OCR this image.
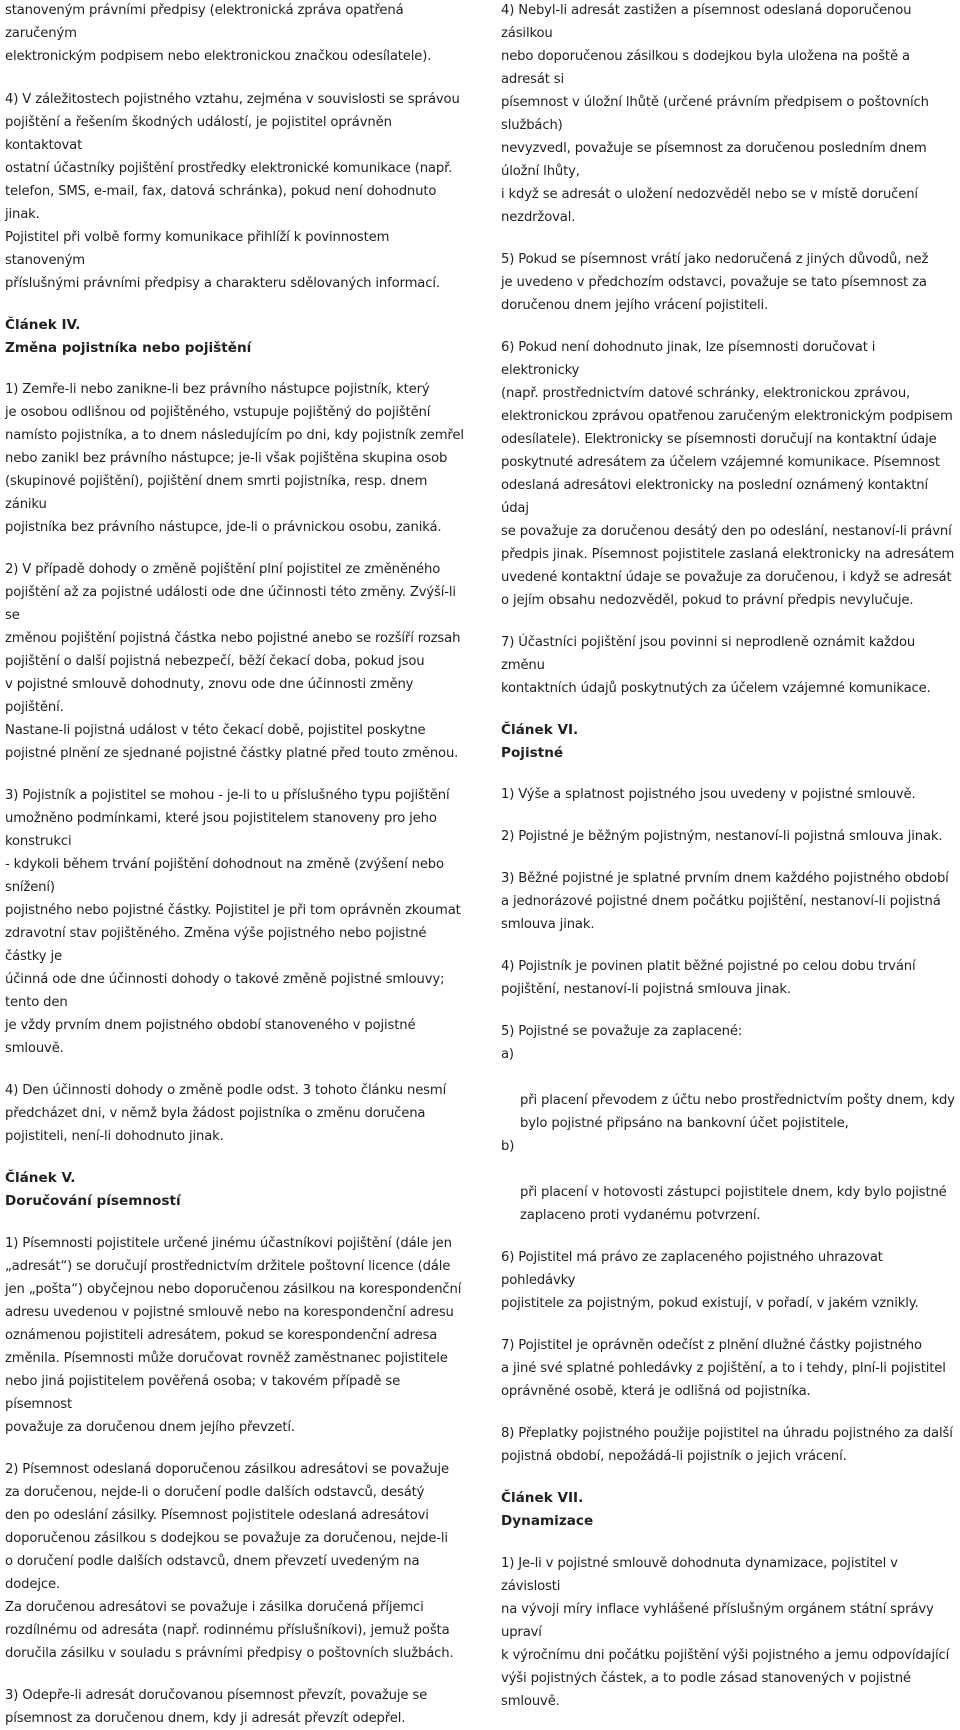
stanoveným právními předpisy (elektronická zpráva opatřená zaručeným
elektronickým podpisem nebo elektronickou značkou odesílatele).

4) V záležitostech pojistného vztahu, zejména v souvislosti se správou
pojištění a řešením škodných událostí, je pojistitel oprávněn kontaktovat
ostatní účastníky pojištění prostředky elektronické komunikace (např.
telefon, SMS, e-mail, fax, datová schránka), pokud není dohodnuto jinak.
Pojistitel při volbě formy komunikace přihlíží k povinnostem stanoveným
příslušnými právními předpisy a charakteru sdělovaných informací.

Článek IV.

Změna pojistníka nebo pojištění

1) Zemře-li nebo zanikne-li bez právního nástupce pojistník, který
je osobou odlišnou od pojištěného, vstupuje pojištěný do pojištění
namísto pojistníka, a to dnem následujícím po dni, kdy pojistník zemřel
nebo zanikl bez právního nástupce; je-li však pojištěna skupina osob
(skupinové pojištění), pojištění dnem smrti pojistníka, resp. dnem zániku
pojistníka bez právního nástupce, jde-li o právnickou osobu, zaniká.

2) V případě dohody o změně pojištění plní pojistitel ze změněného
pojištění až za pojistné události ode dne účinnosti této změny. Zvýší-li se
změnou pojištění pojistná částka nebo pojistné anebo se rozšíří rozsah
pojištění o další pojistná nebezpečí, běží čekací doba, pokud jsou
v pojistné smlouvě dohodnuty, znovu ode dne účinnosti změny pojištění.
Nastane-li pojistná událost v této čekací době, pojistitel poskytne
pojistné plnění ze sjednané pojistné částky platné před touto změnou.

3) Pojistník a pojistitel se mohou - je-li to u příslušného typu pojištění
umožněno podmínkami, které jsou pojistitelem stanoveny pro jeho konstrukci
- kdykoli během trvání pojištění dohodnout na změně (zvýšení nebo snížení)
pojistného nebo pojistné částky. Pojistitel je při tom oprávněn zkoumat
zdravotní stav pojištěného. Změna výše pojistného nebo pojistné částky je
účinná ode dne účinnosti dohody o takové změně pojistné smlouvy; tento den
je vždy prvním dnem pojistného období stanoveného v pojistné smlouvě.

4) Den účinnosti dohody o změně podle odst. 3 tohoto článku nesmí
předcházet dni, v němž byla žádost pojistníka o změnu doručena
pojistiteli, není-li dohodnuto jinak.

Článek V.

Doručování písemností

1) Písemnosti pojistitele určené jinému účastníkovi pojištění (dále jen
„adresát“) se doručují prostřednictvím držitele poštovní licence (dále
jen „pošta“) obyčejnou nebo doporučenou zásilkou na korespondenční
adresu uvedenou v pojistné smlouvě nebo na korespondenční adresu
oznámenou pojistiteli adresátem, pokud se korespondenční adresa
změnila. Písemnosti může doručovat rovněž zaměstnanec pojistitele
nebo jiná pojistitelem pověřená osoba; v takovém případě se písemnost
považuje za doručenou dnem jejího převzetí.

2) Písemnost odeslaná doporučenou zásilkou adresátovi se považuje
za doručenou, nejde-li o doručení podle dalších odstavců, desátý
den po odeslání zásilky. Písemnost pojistitele odeslaná adresátovi
doporučenou zásilkou s dodejkou se považuje za doručenou, nejde-li
o doručení podle dalších odstavců, dnem převzetí uvedeným na dodejce.
Za doručenou adresátovi se považuje i zásilka doručená příjemci
rozdílnému od adresáta (např. rodinnému příslušníkovi), jemuž pošta
doručila zásilku v souladu s právními předpisy o poštovních službách.

3) Odepře-li adresát doručovanou písemnost převzít, považuje se
písemnost za doručenou dnem, kdy ji adresát převzít odepřel.

4) Nebyl-li adresát zastižen a písemnost odeslaná doporučenou zásilkou
nebo doporučenou zásilkou s dodejkou byla uložena na poště a adresát si
písemnost v úložní lhůtě (určené právním předpisem o poštovních službách)
nevyzvedl, považuje se písemnost za doručenou posledním dnem úložní lhůty,
i když se adresát o uložení nedozvěděl nebo se v místě doručení nezdržoval.

5) Pokud se písemnost vrátí jako nedoručená z jiných důvodů, než
je uvedeno v předchozím odstavci, považuje se tato písemnost za
doručenou dnem jejího vrácení pojistiteli.

6) Pokud není dohodnuto jinak, lze písemnosti doručovat i elektronicky
(např. prostřednictvím datové schránky, elektronickou zprávou,
elektronickou zprávou opatřenou zaručeným elektronickým podpisem
odesílatele). Elektronicky se písemnosti doručují na kontaktní údaje
poskytnuté adresátem za účelem vzájemné komunikace. Písemnost
odeslaná adresátovi elektronicky na poslední oznámený kontaktní údaj
se považuje za doručenou desátý den po odeslání, nestanoví-li právní
předpis jinak. Písemnost pojistitele zaslaná elektronicky na adresátem
uvedené kontaktní údaje se považuje za doručenou, i když se adresát
o jejím obsahu nedozvěděl, pokud to právní předpis nevylučuje.

7) Účastníci pojištění jsou povinni si neprodleně oznámit každou změnu
kontaktních údajů poskytnutých za účelem vzájemné komunikace.

Článek VI.

Pojistné

1) Výše a splatnost pojistného jsou uvedeny v pojistné smlouvě.

2) Pojistné je běžným pojistným, nestanoví-li pojistná smlouva jinak.

3) Běžné pojistné je splatné prvním dnem každého pojistného období
a jednorázové pojistné dnem počátku pojištění, nestanoví-li pojistná
smlouva jinak.

4) Pojistník je povinen platit běžné pojistné po celou dobu trvání
pojištění, nestanoví-li pojistná smlouva jinak.

5) Pojistné se považuje za zaplacené:

a)

při placení převodem z účtu nebo prostřednictvím pošty dnem, kdy
bylo pojistné připsáno na bankovní účet pojistitele,

b)

při placení v hotovosti zástupci pojistitele dnem, kdy bylo pojistné
zaplaceno proti vydanému potvrzení.

6) Pojistitel má právo ze zaplaceného pojistného uhrazovat pohledávky
pojistitele za pojistným, pokud existují, v pořadí, v jakém vznikly.

7) Pojistitel je oprávněn odečíst z plnění dlužné částky pojistného
a jiné své splatné pohledávky z pojištění, a to i tehdy, plní-li pojistitel
oprávněné osobě, která je odlišná od pojistníka.

8) Přeplatky pojistného použije pojistitel na úhradu pojistného za další
pojistná období, nepožádá-li pojistník o jejich vrácení.

Článek VII.

Dynamizace

1) Je-li v pojistné smlouvě dohodnuta dynamizace, pojistitel v závislosti
na vývoji míry inflace vyhlášené příslušným orgánem státní správy upraví
k výročnímu dni počátku pojištění výši pojistného a jemu odpovídající
výši pojistných částek, a to podle zásad stanovených v pojistné smlouvě.
